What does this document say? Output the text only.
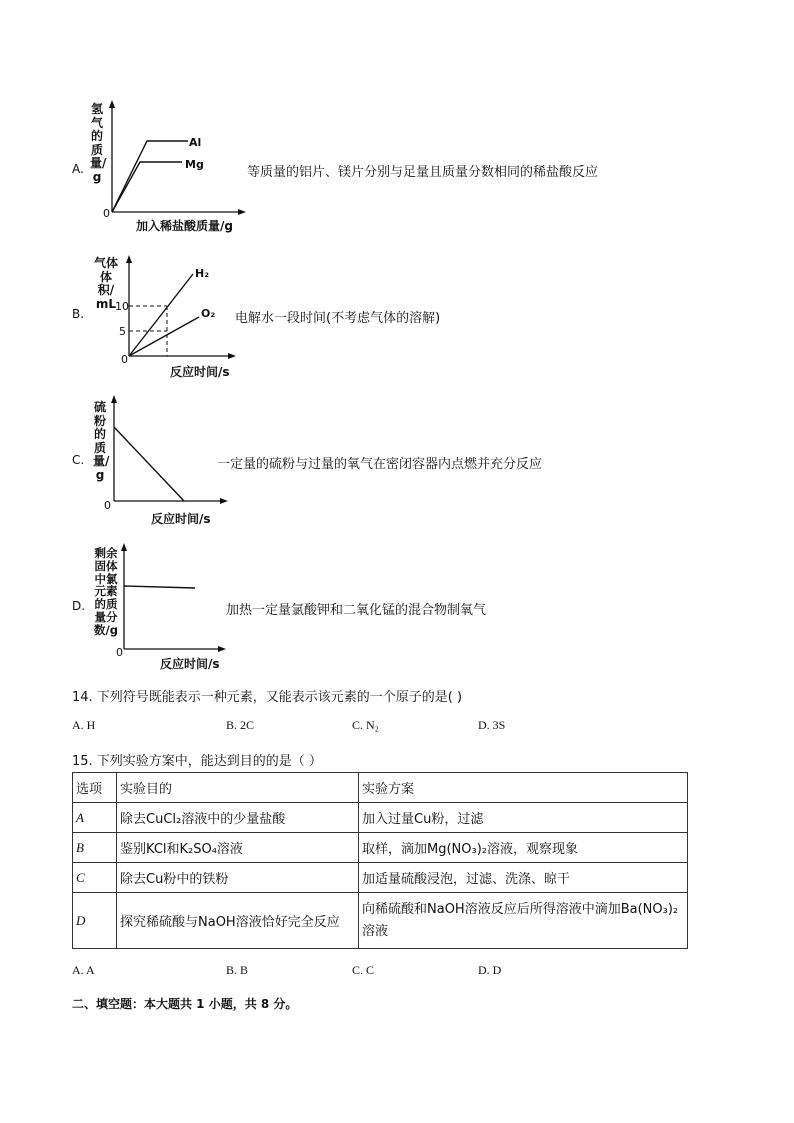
A.
氢气的质量/g
0
Al
Mg
加入稀盐酸质量/g
等质量的铝片、镁片分别与足量且质量分数相同的稀盐酸反应
B.
气体体积/mL
10
5
0
H₂
O₂
反应时间/s
电解水一段时间(不考虑气体的溶解)
C.
硫粉的质量/g
0
反应时间/s
一定量的硫粉与过量的氧气在密闭容器内点燃并充分反应
D.
剩余固体中氯元素的质量分数/g
0
反应时间/s
加热一定量氯酸钾和二氧化锰的混合物制氧气
14. 下列符号既能表示一种元素，又能表示该元素的一个原子的是( )
A. H	B. 2C	C. N₂	D. 3S
15. 下列实验方案中，能达到目的的是（ ）
选项	实验目的	实验方案
A	除去CuCl₂溶液中的少量盐酸	加入过量Cu粉，过滤
B	鉴别KCl和K₂SO₄溶液	取样，滴加Mg(NO₃)₂溶液，观察现象
C	除去Cu粉中的铁粉	加适量硫酸浸泡，过滤、洗涤、晾干
D	探究稀硫酸与NaOH溶液恰好完全反应	向稀硫酸和NaOH溶液反应后所得溶液中滴加Ba(NO₃)₂溶液
A. A	B. B	C. C	D. D
二、填空题：本大题共 1 小题，共 8 分。
